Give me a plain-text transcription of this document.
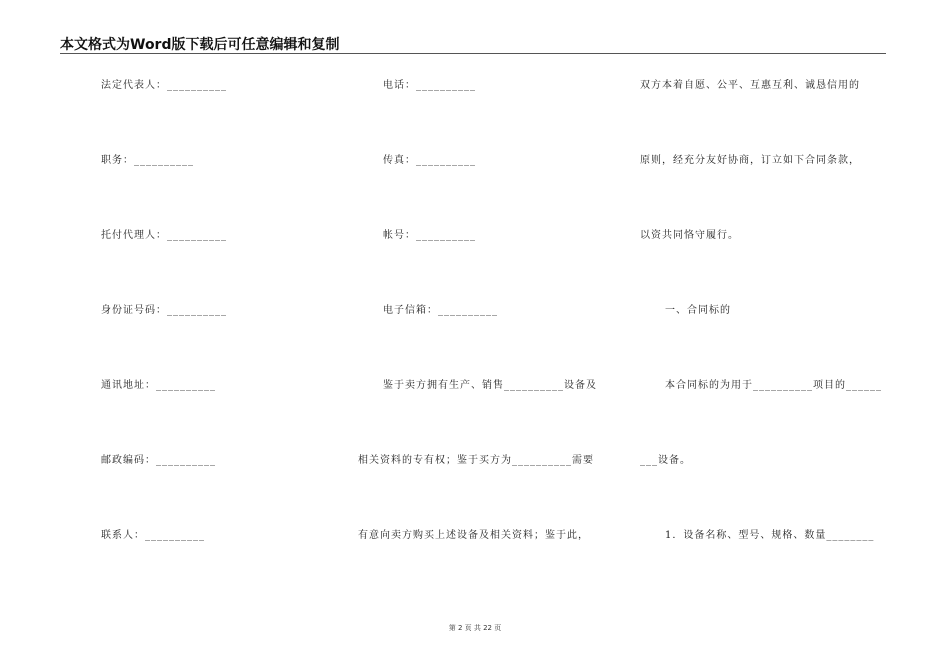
本文格式为Word版下载后可任意编辑和复制
法定代表人：__________
职务：__________
托付代理人：__________
身份证号码：__________
通讯地址：__________
邮政编码：__________
联系人：__________
电话：__________
传真：__________
帐号：__________
电子信箱：__________
鉴于卖方拥有生产、销售__________设备及
相关资料的专有权；鉴于买方为__________需要
有意向卖方购买上述设备及相关资料；鉴于此，
双方本着自愿、公平、互惠互利、诚恳信用的
原则，经充分友好协商，订立如下合同条款，
以资共同恪守履行。
一、合同标的
本合同标的为用于__________项目的______
___设备。
1．设备名称、型号、规格、数量________
第 2 页 共 22 页
